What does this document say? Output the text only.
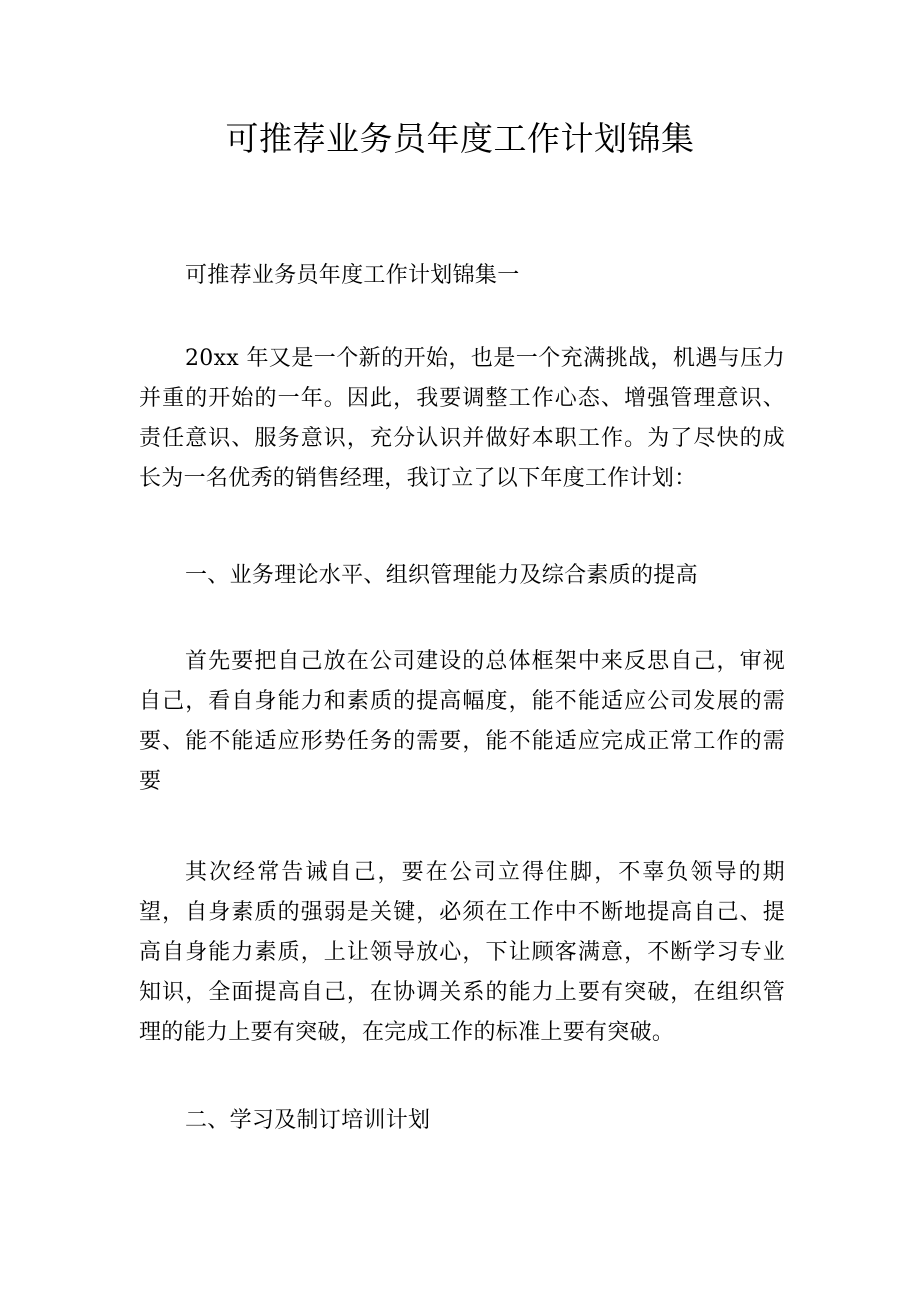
可推荐业务员年度工作计划锦集

可推荐业务员年度工作计划锦集一

20xx 年又是一个新的开始，也是一个充满挑战，机遇与压力并重的开始的一年。因此，我要调整工作心态、增强管理意识、责任意识、服务意识，充分认识并做好本职工作。为了尽快的成长为一名优秀的销售经理，我订立了以下年度工作计划：

一、业务理论水平、组织管理能力及综合素质的提高

首先要把自己放在公司建设的总体框架中来反思自己，审视自己，看自身能力和素质的提高幅度，能不能适应公司发展的需要、能不能适应形势任务的需要，能不能适应完成正常工作的需要

其次经常告诫自己，要在公司立得住脚，不辜负领导的期望，自身素质的强弱是关键，必须在工作中不断地提高自己、提高自身能力素质，上让领导放心，下让顾客满意，不断学习专业知识，全面提高自己，在协调关系的能力上要有突破，在组织管理的能力上要有突破，在完成工作的标准上要有突破。

二、学习及制订培训计划
